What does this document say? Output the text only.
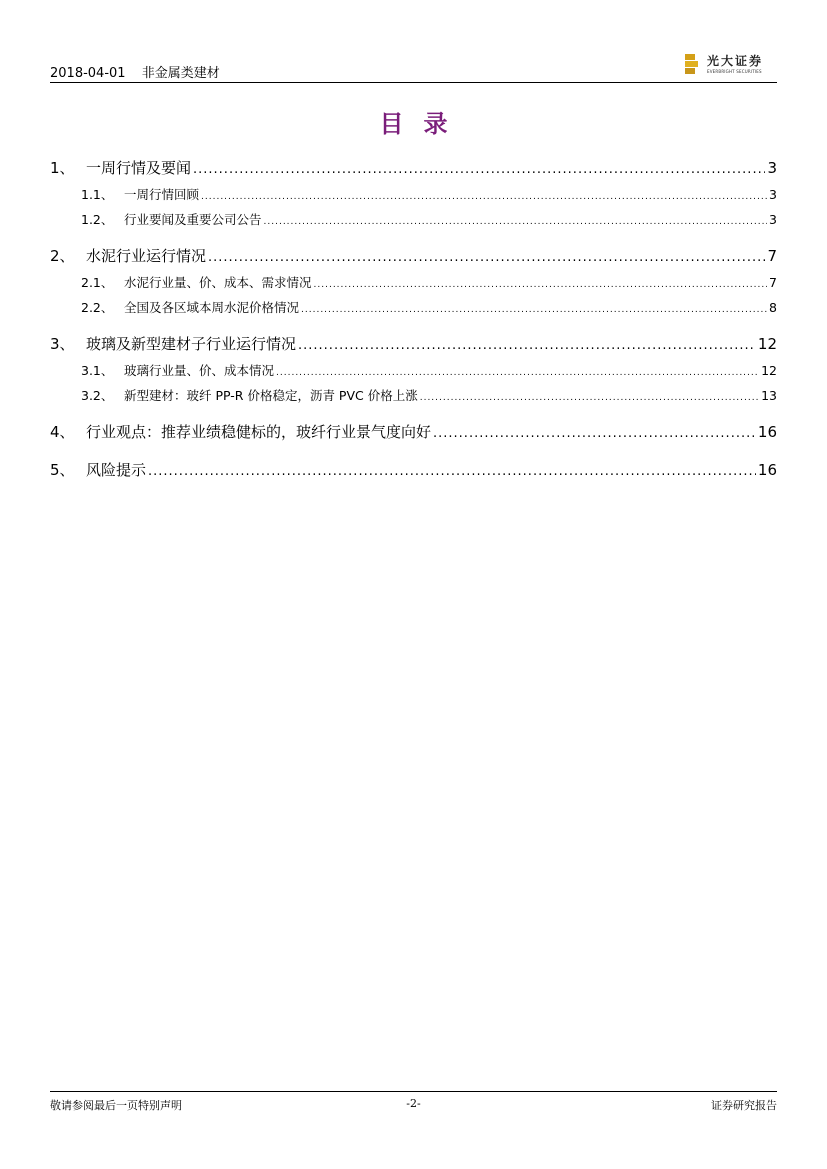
2018-04-01 非金属类建材
光大证券
EVERBRIGHT SECURITIES
目录
1、 一周行情及要闻 .....	3
1.1、 一周行情回顾 .....	3
1.2、 行业要闻及重要公司公告 .....	3
2、 水泥行业运行情况 .....	7
2.1、 水泥行业量、价、成本、需求情况 .....	7
2.2、 全国及各区域本周水泥价格情况 .....	8
3、 玻璃及新型建材子行业运行情况 .....	12
3.1、 玻璃行业量、价、成本情况 .....	12
3.2、 新型建材：玻纤 PP-R 价格稳定，沥青 PVC 价格上涨 .....	13
4、 行业观点：推荐业绩稳健标的，玻纤行业景气度向好 .....	16
5、 风险提示 .....	16
敬请参阅最后一页特别声明	-2-	证券研究报告
